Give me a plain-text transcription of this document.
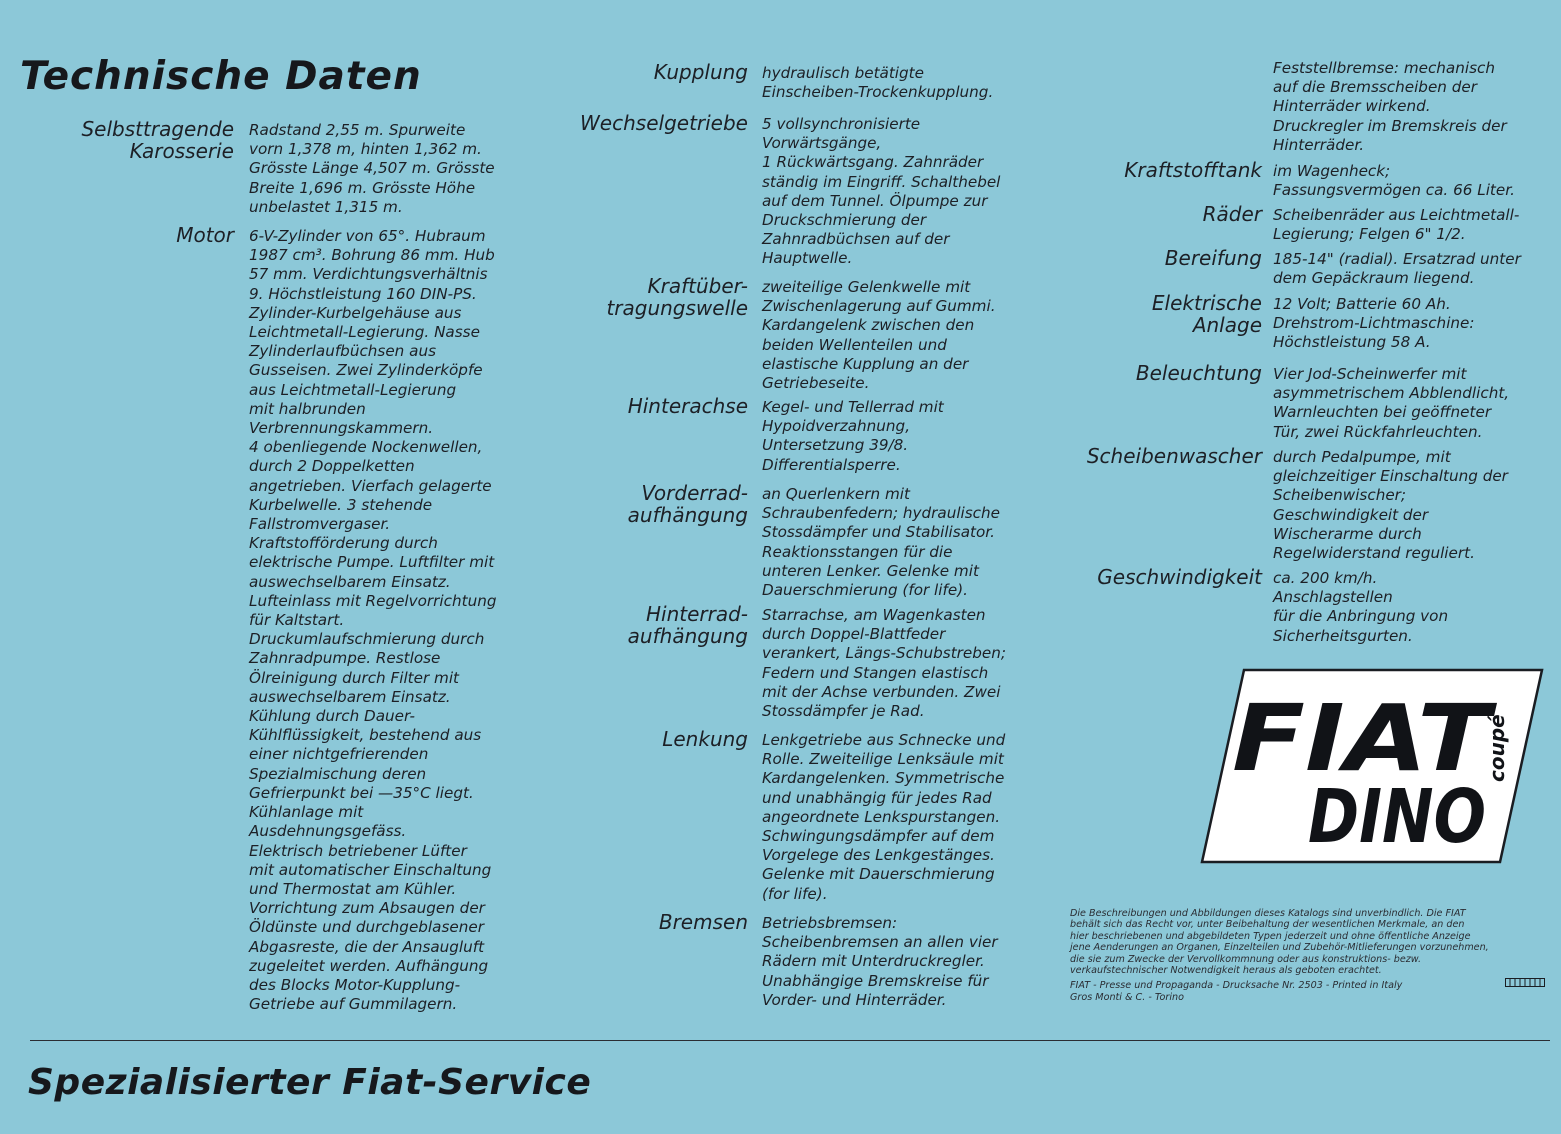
Technische Daten
Selbsttragende
Karosserie
Radstand 2,55 m. Spurweite
vorn 1,378 m, hinten 1,362 m.
Grösste Länge 4,507 m. Grösste
Breite 1,696 m. Grösste Höhe
unbelastet 1,315 m.
Motor 6-V-Zylinder von 65°. Hubraum
1987 cm³. Bohrung 86 mm. Hub
57 mm. Verdichtungsverhältnis
9. Höchstleistung 160 DIN-PS.
Zylinder-Kurbelgehäuse aus
Leichtmetall-Legierung. Nasse
Zylinderlaufbüchsen aus
Gusseisen. Zwei Zylinderköpfe
aus Leichtmetall-Legierung
mit halbrunden
Verbrennungskammern.
4 obenliegende Nockenwellen,
durch 2 Doppelketten
angetrieben. Vierfach gelagerte
Kurbelwelle. 3 stehende
Fallstromvergaser.
Kraftstofförderung durch
elektrische Pumpe. Luftfilter mit
auswechselbarem Einsatz.
Lufteinlass mit Regelvorrichtung
für Kaltstart.
Druckumlaufschmierung durch
Zahnradpumpe. Restlose
Ölreinigung durch Filter mit
auswechselbarem Einsatz.
Kühlung durch Dauer-
Kühlflüssigkeit, bestehend aus
einer nichtgefrierenden
Spezialmischung deren
Gefrierpunkt bei —35°C liegt.
Kühlanlage mit
Ausdehnungsgefäss.
Elektrisch betriebener Lüfter
mit automatischer Einschaltung
und Thermostat am Kühler.
Vorrichtung zum Absaugen der
Öldünste und durchgeblasener
Abgasreste, die der Ansaugluft
zugeleitet werden. Aufhängung
des Blocks Motor-Kupplung-
Getriebe auf Gummilagern.
Kupplung hydraulisch betätigte
Einscheiben-Trockenkupplung.
Wechselgetriebe 5 vollsynchronisierte
Vorwärtsgänge,
1 Rückwärtsgang. Zahnräder
ständig im Eingriff. Schalthebel
auf dem Tunnel. Ölpumpe zur
Druckschmierung der
Zahnradbüchsen auf der
Hauptwelle.
Kraftüber-
tragungswelle
zweiteilige Gelenkwelle mit
Zwischenlagerung auf Gummi.
Kardangelenk zwischen den
beiden Wellenteilen und
elastische Kupplung an der
Getriebeseite.
Hinterachse Kegel- und Tellerrad mit
Hypoidverzahnung,
Untersetzung 39/8.
Differentialsperre.
Vorderrad-
aufhängung
an Querlenkern mit
Schraubenfedern; hydraulische
Stossdämpfer und Stabilisator.
Reaktionsstangen für die
unteren Lenker. Gelenke mit
Dauerschmierung (for life).
Hinterrad-
aufhängung
Starrachse, am Wagenkasten
durch Doppel-Blattfeder
verankert, Längs-Schubstreben;
Federn und Stangen elastisch
mit der Achse verbunden. Zwei
Stossdämpfer je Rad.
Lenkung Lenkgetriebe aus Schnecke und
Rolle. Zweiteilige Lenksäule mit
Kardangelenken. Symmetrische
und unabhängig für jedes Rad
angeordnete Lenkspurstangen.
Schwingungsdämpfer auf dem
Vorgelege des Lenkgestänges.
Gelenke mit Dauerschmierung
(for life).
Bremsen Betriebsbremsen:
Scheibenbremsen an allen vier
Rädern mit Unterdruckregler.
Unabhängige Bremskreise für
Vorder- und Hinterräder.
Feststellbremse: mechanisch
auf die Bremsscheiben der
Hinterräder wirkend.
Druckregler im Bremskreis der
Hinterräder.
Kraftstofftank im Wagenheck;
Fassungsvermögen ca. 66 Liter.
Räder Scheibenräder aus Leichtmetall-
Legierung; Felgen 6" 1/2.
Bereifung 185-14" (radial). Ersatzrad unter
dem Gepäckraum liegend.
Elektrische
Anlage
12 Volt; Batterie 60 Ah.
Drehstrom-Lichtmaschine:
Höchstleistung 58 A.
Beleuchtung Vier Jod-Scheinwerfer mit
asymmetrischem Abblendlicht,
Warnleuchten bei geöffneter
Tür, zwei Rückfahrleuchten.
Scheibenwascher durch Pedalpumpe, mit
gleichzeitiger Einschaltung der
Scheibenwischer;
Geschwindigkeit der
Wischerarme durch
Regelwiderstand reguliert.
Geschwindigkeit ca. 200 km/h.
Anschlagstellen
für die Anbringung von
Sicherheitsgurten.
FIAT
DINO
coupé
Die Beschreibungen und Abbildungen dieses Katalogs sind unverbindlich. Die FIAT
behält sich das Recht vor, unter Beibehaltung der wesentlichen Merkmale, an den
hier beschriebenen und abgebildeten Typen jederzeit und ohne öffentliche Anzeige
jene Aenderungen an Organen, Einzelteilen und Zubehör-Mitlieferungen vorzunehmen,
die sie zum Zwecke der Vervollkommnung oder aus konstruktions- bezw.
verkaufstechnischer Notwendigkeit heraus als geboten erachtet.
FIAT - Presse und Propaganda - Drucksache Nr. 2503 - Printed in Italy
Gros Monti & C. - Torino
Spezialisierter Fiat-Service
